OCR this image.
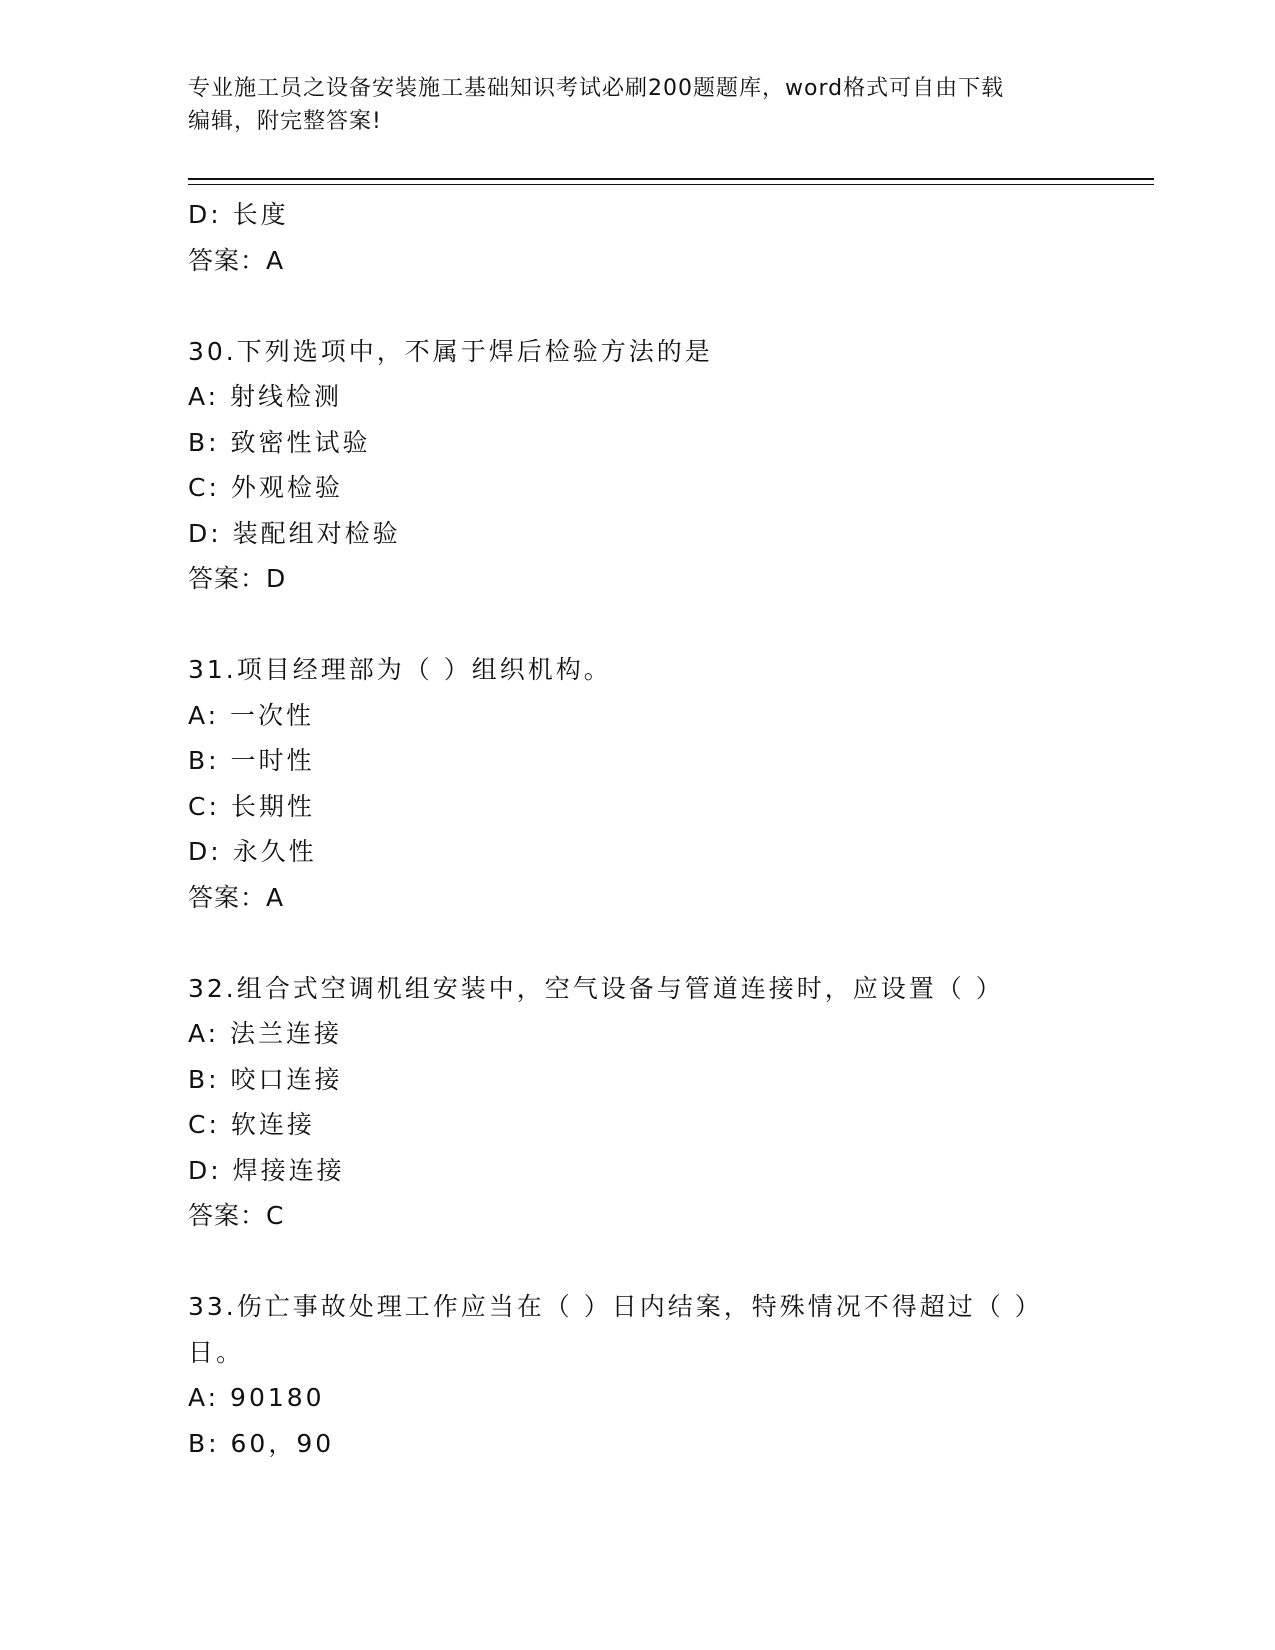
专业施工员之设备安装施工基础知识考试必刷200题题库，word格式可自由下载
编辑，附完整答案!
D: 长度
答案：A
30.下列选项中，不属于焊后检验方法的是
A: 射线检测
B: 致密性试验
C: 外观检验
D: 装配组对检验
答案：D
31.项目经理部为（ ）组织机构。
A: 一次性
B: 一时性
C: 长期性
D: 永久性
答案：A
32.组合式空调机组安装中，空气设备与管道连接时，应设置（ ）
A: 法兰连接
B: 咬口连接
C: 软连接
D: 焊接连接
答案：C
33.伤亡事故处理工作应当在（ ）日内结案，特殊情况不得超过（ ）
日。
A: 90180
B: 60，90
